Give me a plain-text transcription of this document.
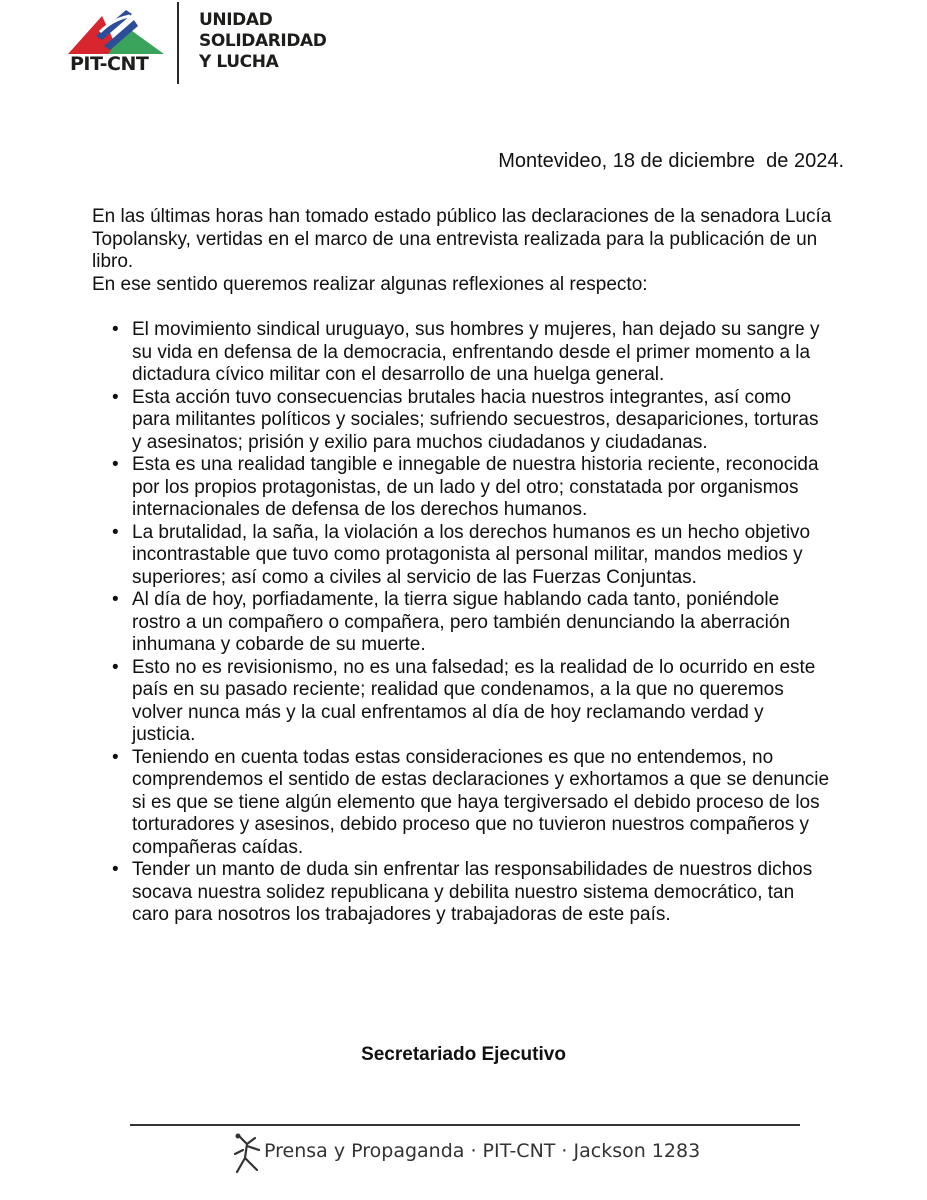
PIT-CNT
UNIDAD
SOLIDARIDAD
Y LUCHA
Montevideo, 18 de diciembre  de 2024.

En las últimas horas han tomado estado público las declaraciones de la senadora Lucía Topolansky, vertidas en el marco de una entrevista realizada para la publicación de un libro.

En ese sentido queremos realizar algunas reflexiones al respecto:

• El movimiento sindical uruguayo, sus hombres y mujeres, han dejado su sangre y su vida en defensa de la democracia, enfrentando desde el primer momento a la dictadura cívico militar con el desarrollo de una huelga general.
• Esta acción tuvo consecuencias brutales hacia nuestros integrantes, así como para militantes políticos y sociales; sufriendo secuestros, desapariciones, torturas y asesinatos; prisión y exilio para muchos ciudadanos y ciudadanas.
• Esta es una realidad tangible e innegable de nuestra historia reciente, reconocida por los propios protagonistas, de un lado y del otro; constatada por organismos internacionales de defensa de los derechos humanos.
• La brutalidad, la saña, la violación a los derechos humanos es un hecho objetivo incontrastable que tuvo como protagonista al personal militar, mandos medios y superiores; así como a civiles al servicio de las Fuerzas Conjuntas.
• Al día de hoy, porfiadamente, la tierra sigue hablando cada tanto, poniéndole rostro a un compañero o compañera, pero también denunciando la aberración inhumana y cobarde de su muerte.
• Esto no es revisionismo, no es una falsedad; es la realidad de lo ocurrido en este país en su pasado reciente; realidad que condenamos, a la que no queremos volver nunca más y la cual enfrentamos al día de hoy reclamando verdad y justicia.
• Teniendo en cuenta todas estas consideraciones es que no entendemos, no comprendemos el sentido de estas declaraciones y exhortamos a que se denuncie si es que se tiene algún elemento que haya tergiversado el debido proceso de los torturadores y asesinos, debido proceso que no tuvieron nuestros compañeros y compañeras caídas.
• Tender un manto de duda sin enfrentar las responsabilidades de nuestros dichos socava nuestra solidez republicana y debilita nuestro sistema democrático, tan caro para nosotros los trabajadores y trabajadoras de este país.
Secretariado Ejecutivo
Prensa y Propaganda · PIT-CNT · Jackson 1283
